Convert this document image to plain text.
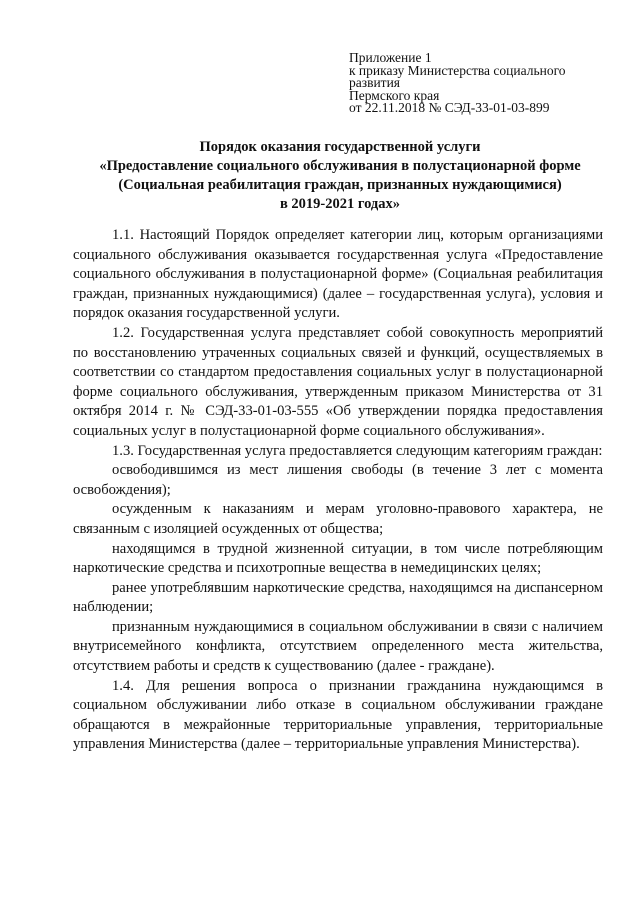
Приложение 1
к приказу Министерства социального
развития
Пермского края
от 22.11.2018 № СЭД-33-01-03-899
Порядок оказания государственной услуги
«Предоставление социального обслуживания в полустационарной форме
(Социальная реабилитация граждан, признанных нуждающимися)
в 2019-2021 годах»

1.1. Настоящий Порядок определяет категории лиц, которым организациями социального обслуживания оказывается государственная услуга «Предоставление социального обслуживания в полустационарной форме» (Социальная реабилитация граждан, признанных нуждающимися) (далее – государственная услуга), условия и порядок оказания государственной услуги.

1.2. Государственная услуга представляет собой совокупность мероприятий по восстановлению утраченных социальных связей и функций, осуществляемых в соответствии со стандартом предоставления социальных услуг в полустационарной форме социального обслуживания, утвержденным приказом Министерства от 31 октября 2014 г. № СЭД-33-01-03-555 «Об утверждении порядка предоставления социальных услуг в полустационарной форме социального обслуживания».

1.3. Государственная услуга предоставляется следующим категориям граждан:

освободившимся из мест лишения свободы (в течение 3 лет с момента освобождения);

осужденным к наказаниям и мерам уголовно-правового характера, не связанным с изоляцией осужденных от общества;

находящимся в трудной жизненной ситуации, в том числе потребляющим наркотические средства и психотропные вещества в немедицинских целях;

ранее употреблявшим наркотические средства, находящимся на диспансерном наблюдении;

признанным нуждающимися в социальном обслуживании в связи с наличием внутрисемейного конфликта, отсутствием определенного места жительства, отсутствием работы и средств к существованию (далее - граждане).

1.4. Для решения вопроса о признании гражданина нуждающимся в социальном обслуживании либо отказе в социальном обслуживании граждане обращаются в межрайонные территориальные управления, территориальные управления Министерства (далее – территориальные управления Министерства).
